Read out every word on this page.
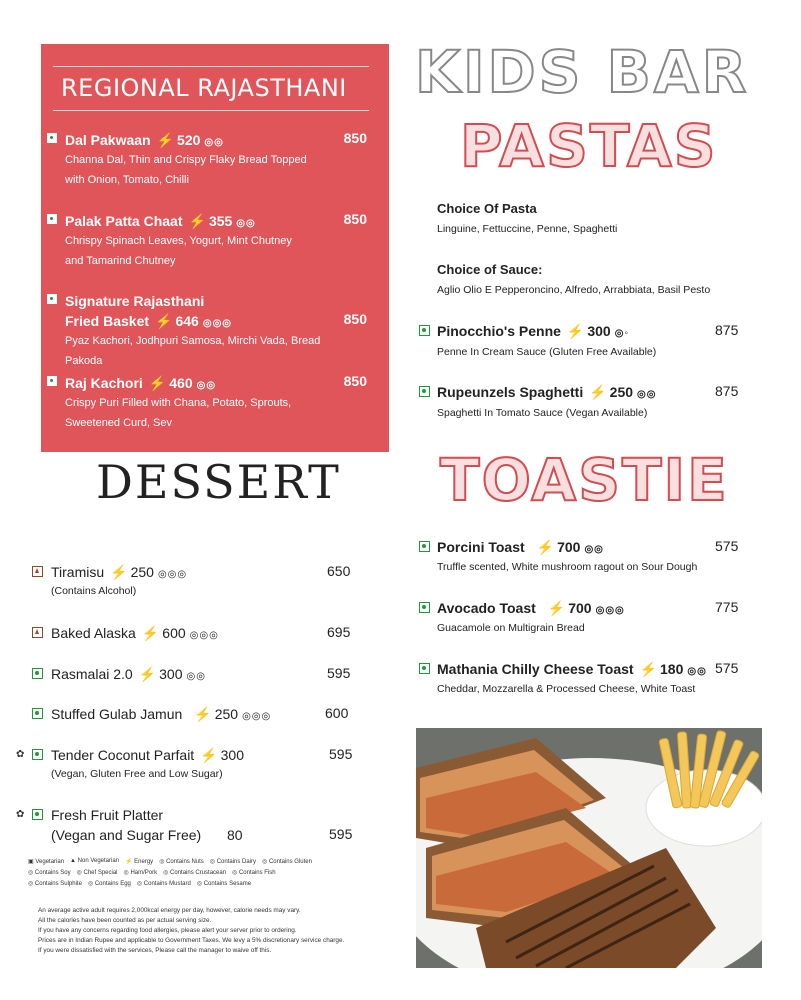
REGIONAL RAJASTHANI
Dal Pakwaan ⚡ 520 ◎◎	850
Channa Dal, Thin and Crispy Flaky Bread Topped
with Onion, Tomato, Chilli
Palak Patta Chaat ⚡ 355 ◎◎	850
Chrispy Spinach Leaves, Yogurt, Mint Chutney
and Tamarind Chutney
Signature Rajasthani
Fried Basket ⚡ 646 ◎◎◎	850
Pyaz Kachori, Jodhpuri Samosa, Mirchi Vada, Bread Pakoda
Raj Kachori ⚡ 460 ◎◎	850
Crispy Puri Filled with Chana, Potato, Sprouts,
Sweetened Curd, Sev
KIDS BAR
PASTAS
Choice Of Pasta
Linguine, Fettuccine, Penne, Spaghetti
Choice of Sauce:
Aglio Olio E Pepperoncino, Alfredo, Arrabbiata, Basil Pesto
Pinocchio's Penne ⚡ 300 ◎◦	875
Penne In Cream Sauce (Gluten Free Available)
Rupeunzels Spaghetti ⚡ 250 ◎◎	875
Spaghetti In Tomato Sauce (Vegan Available)
TOASTIE
Porcini Toast ⚡ 700 ◎◎	575
Truffle scented, White mushroom ragout on Sour Dough
Avocado Toast ⚡ 700 ◎◎◎	775
Guacamole on Multigrain Bread
Mathania Chilly Cheese Toast ⚡ 180 ◎◎ 575
Cheddar, Mozzarella & Processed Cheese, White Toast
DESSERT
Tiramisu ⚡ 250 ◎◎◎	650
(Contains Alcohol)
Baked Alaska ⚡ 600 ◎◎◎	695
Rasmalai 2.0 ⚡ 300 ◎◎	595
Stuffed Gulab Jamun ⚡ 250 ◎◎◎	600
✿ Tender Coconut Parfait ⚡ 300	595
(Vegan, Gluten Free and Low Sugar)
✿ Fresh Fruit Platter
(Vegan and Sugar Free) 80	595
▣ Vegetarian ▲ Non Vegetarian ⚡ Energy ◎ Contains Nuts ◎ Contains Dairy ◎ Contains Gluten
◎ Contains Soy ◎ Chef Special ◎ Ham/Pork ◎ Contains Crustacean ◎ Contains Fish
◎ Contains Sulphite ◎ Contains Egg ◎ Contains Mustard ◎ Contains Sesame
An average active adult requires 2,000kcal energy per day, however, calorie needs may vary.
All the calories have been counted as per actual serving size.
If you have any concerns regarding food allergies, please alert your server prior to ordering.
Prices are in Indian Rupee and applicable to Government Taxes. We levy a 5% discretionary service charge.
If you were dissatisfied with the services, Please call the manager to waive off this.
